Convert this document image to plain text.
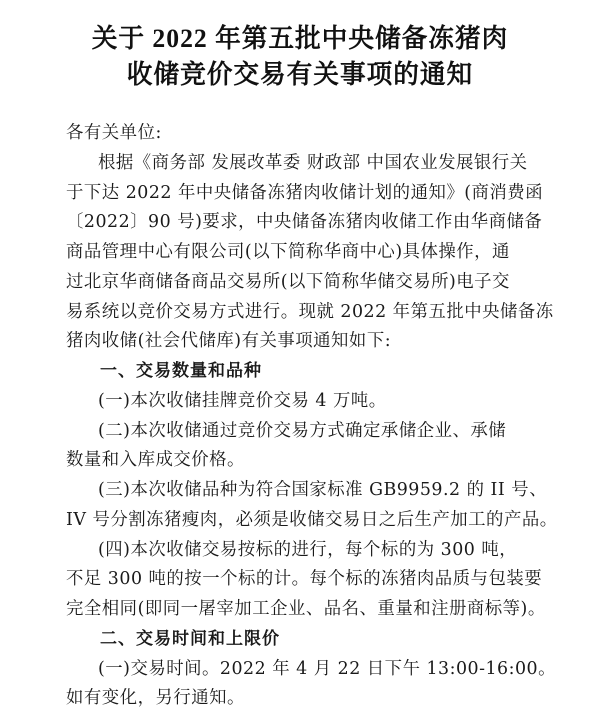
关于 2022 年第五批中央储备冻猪肉
收储竞价交易有关事项的通知
各有关单位:
根据《商务部 发展改革委 财政部 中国农业发展银行关
于下达 2022 年中央储备冻猪肉收储计划的通知》(商消费函
〔2022〕90 号)要求，中央储备冻猪肉收储工作由华商储备
商品管理中心有限公司(以下简称华商中心)具体操作，通
过北京华商储备商品交易所(以下简称华储交易所)电子交
易系统以竞价交易方式进行。现就 2022 年第五批中央储备冻
猪肉收储(社会代储库)有关事项通知如下:
一、交易数量和品种
(一)本次收储挂牌竞价交易 4 万吨。
(二)本次收储通过竞价交易方式确定承储企业、承储
数量和入库成交价格。
(三)本次收储品种为符合国家标准 GB9959.2 的 II 号、
IV 号分割冻猪瘦肉，必须是收储交易日之后生产加工的产品。
(四)本次收储交易按标的进行，每个标的为 300 吨，
不足 300 吨的按一个标的计。每个标的冻猪肉品质与包装要
完全相同(即同一屠宰加工企业、品名、重量和注册商标等)。
二、交易时间和上限价
(一)交易时间。2022 年 4 月 22 日下午 13:00-16:00。
如有变化，另行通知。
